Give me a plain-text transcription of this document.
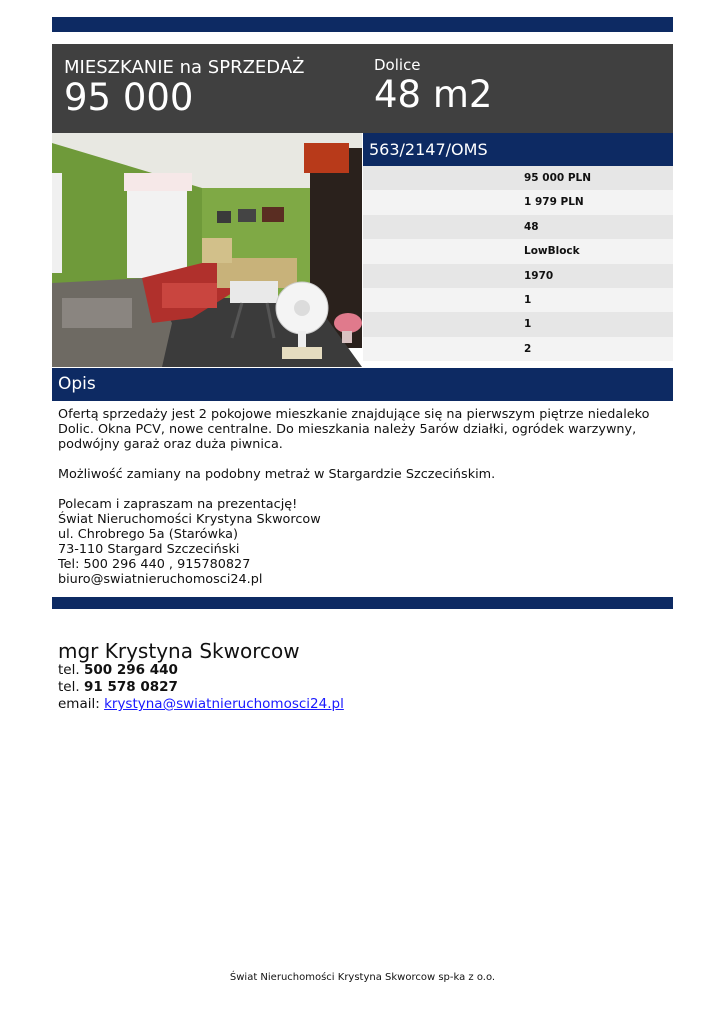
MIESZKANIE na SPRZEDAŻ
95 000
Dolice
48 m2
563/2147/OMS
95 000 PLN
1 979 PLN
48
LowBlock
1970
1
1
2
Opis

Ofertą sprzedaży jest 2 pokojowe mieszkanie znajdujące się na pierwszym piętrze niedaleko Dolic. Okna PCV, nowe centralne. Do mieszkania należy 5arów działki, ogródek warzywny, podwójny garaż oraz duża piwnica.

Możliwość zamiany na podobny metraż w Stargardzie Szczecińskim.

Polecam i zapraszam na prezentację!

Świat Nieruchomości Krystyna Skworcow

ul. Chrobrego 5a (Starówka)

73-110 Stargard Szczeciński

Tel: 500 296 440 , 915780827

biuro@swiatnieruchomosci24.pl

mgr Krystyna Skworcow
tel. 500 296 440
tel. 91 578 0827
email: krystyna@swiatnieruchomosci24.pl
Świat Nieruchomości Krystyna Skworcow sp-ka z o.o.
